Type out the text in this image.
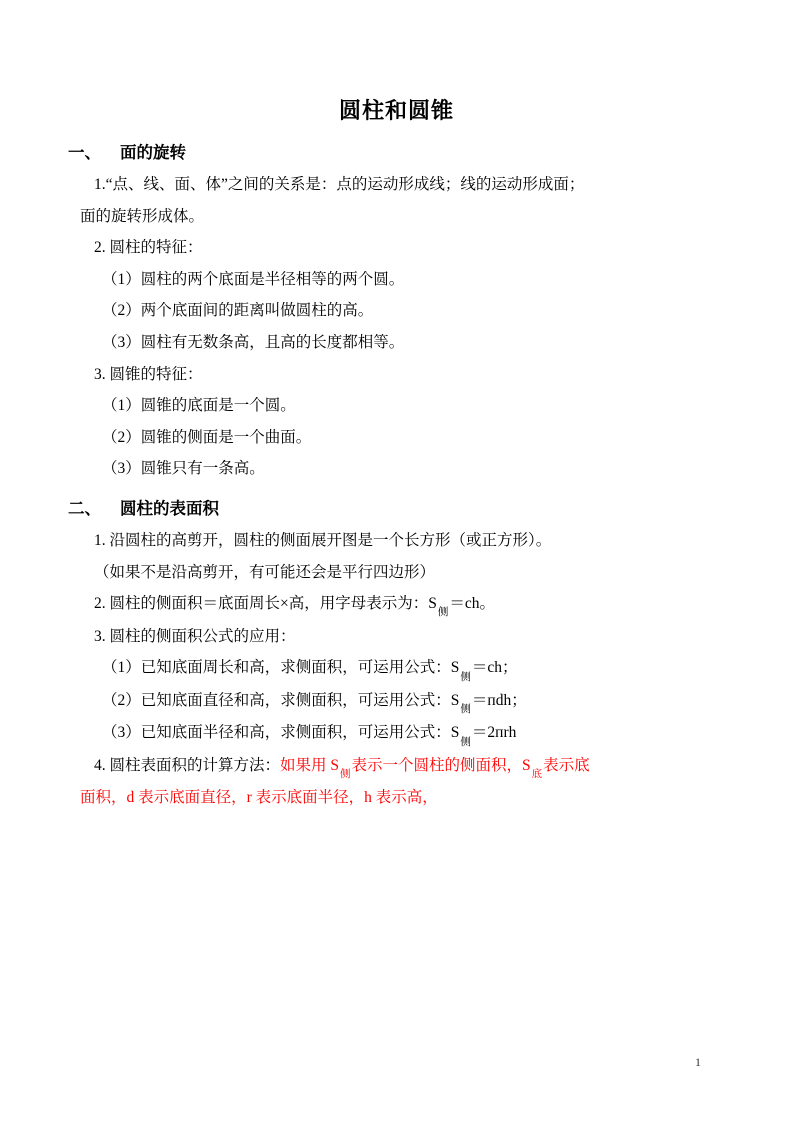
圆柱和圆锥
一、	面的旋转

1.“点、线、面、体”之间的关系是：点的运动形成线；线的运动形成面；

面的旋转形成体。

2. 圆柱的特征：

（1）圆柱的两个底面是半径相等的两个圆。

（2）两个底面间的距离叫做圆柱的高。

（3）圆柱有无数条高，且高的长度都相等。

3. 圆锥的特征：

（1）圆锥的底面是一个圆。

（2）圆锥的侧面是一个曲面。

（3）圆锥只有一条高。

二、	圆柱的表面积

1. 沿圆柱的高剪开，圆柱的侧面展开图是一个长方形（或正方形）。

（如果不是沿高剪开，有可能还会是平行四边形）

2. 圆柱的侧面积＝底面周长×高，用字母表示为：$S_侧=ch$。

3. 圆柱的侧面积公式的应用：

（1）已知底面周长和高，求侧面积，可运用公式：$S_侧=ch$；

（2）已知底面直径和高，求侧面积，可运用公式：$S_侧=ᴨdh$；

（3）已知底面半径和高，求侧面积，可运用公式：$S_侧=2ᴨrh$

4. 圆柱表面积的计算方法：如果用 $S_侧$表示一个圆柱的侧面积，$S_底$表示底

面积，d 表示底面直径，r 表示底面半径，h 表示高，

1
